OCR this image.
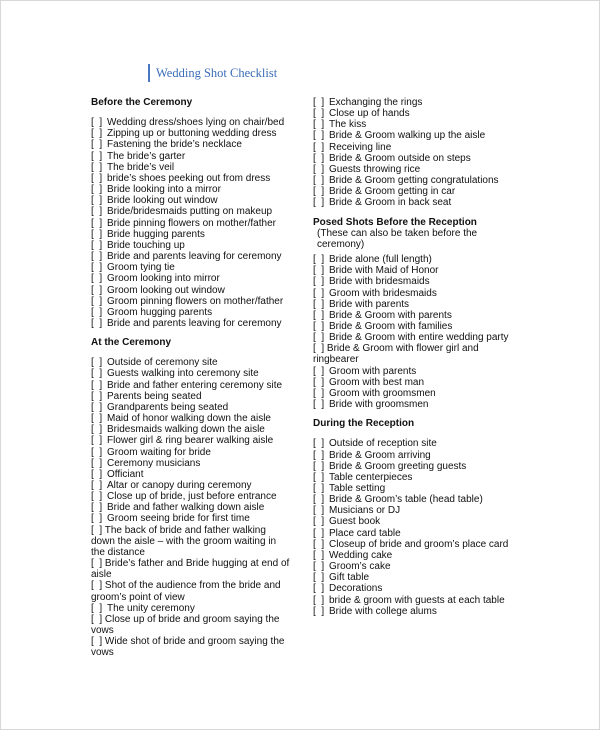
Wedding Shot Checklist
Before the Ceremony
[  ] Wedding dress/shoes lying on chair/bed
[  ] Zipping up or buttoning wedding dress
[  ] Fastening the bride’s necklace
[  ] The bride’s garter
[  ] The bride’s veil
[  ] bride’s shoes peeking out from dress
[  ] Bride looking into a mirror
[  ] Bride looking out window
[  ] Bride/bridesmaids putting on makeup
[  ] Bride pinning flowers on mother/father
[  ] Bride hugging parents
[  ] Bride touching up
[  ] Bride and parents leaving for ceremony
[  ] Groom tying tie
[  ] Groom looking into mirror
[  ] Groom looking out window
[  ] Groom pinning flowers on mother/father
[  ] Groom hugging parents
[  ] Bride and parents leaving for ceremony
At the Ceremony
[  ] Outside of ceremony site
[  ] Guests walking into ceremony site
[  ] Bride and father entering ceremony site
[  ] Parents being seated
[  ] Grandparents being seated
[  ] Maid of honor walking down the aisle
[  ] Bridesmaids walking down the aisle
[  ] Flower girl & ring bearer walking aisle
[  ] Groom waiting for bride
[  ] Ceremony musicians
[  ] Officiant
[  ] Altar or canopy during ceremony
[  ] Close up of bride, just before entrance
[  ] Bride and father walking down aisle
[  ] Groom seeing bride for first time
[  ] The back of bride and father walking down the aisle – with the groom waiting in the distance
[  ] Bride’s father and Bride hugging at end of aisle
[  ] Shot of the audience from the bride and groom’s point of view
[  ] The unity ceremony
[  ] Close up of bride and groom saying the vows
[  ] Wide shot of bride and groom saying the vows
[  ] Exchanging the rings
[  ] Close up of hands
[  ] The kiss
[  ] Bride & Groom walking up the aisle
[  ] Receiving line
[  ] Bride & Groom outside on steps
[  ] Guests throwing rice
[  ] Bride & Groom getting congratulations
[  ] Bride & Groom getting in car
[  ] Bride & Groom in back seat
Posed Shots Before the Reception
(These can also be taken before the ceremony)
[  ] Bride alone (full length)
[  ] Bride with Maid of Honor
[  ] Bride with bridesmaids
[  ] Groom with bridesmaids
[  ] Bride with parents
[  ] Bride & Groom with parents
[  ] Bride & Groom with families
[  ] Bride & Groom with entire wedding party
[  ] Bride & Groom with flower girl and ringbearer
[  ] Groom with parents
[  ] Groom with best man
[  ] Groom with groomsmen
[  ] Bride with groomsmen
During the Reception
[  ] Outside of reception site
[  ] Bride & Groom arriving
[  ] Bride & Groom greeting guests
[  ] Table centerpieces
[  ] Table setting
[  ] Bride & Groom’s table (head table)
[  ] Musicians or DJ
[  ] Guest book
[  ] Place card table
[  ] Closeup of bride and groom’s place card
[  ] Wedding cake
[  ] Groom’s cake
[  ] Gift table
[  ] Decorations
[  ] bride & groom with guests at each table
[  ] Bride with college alums
